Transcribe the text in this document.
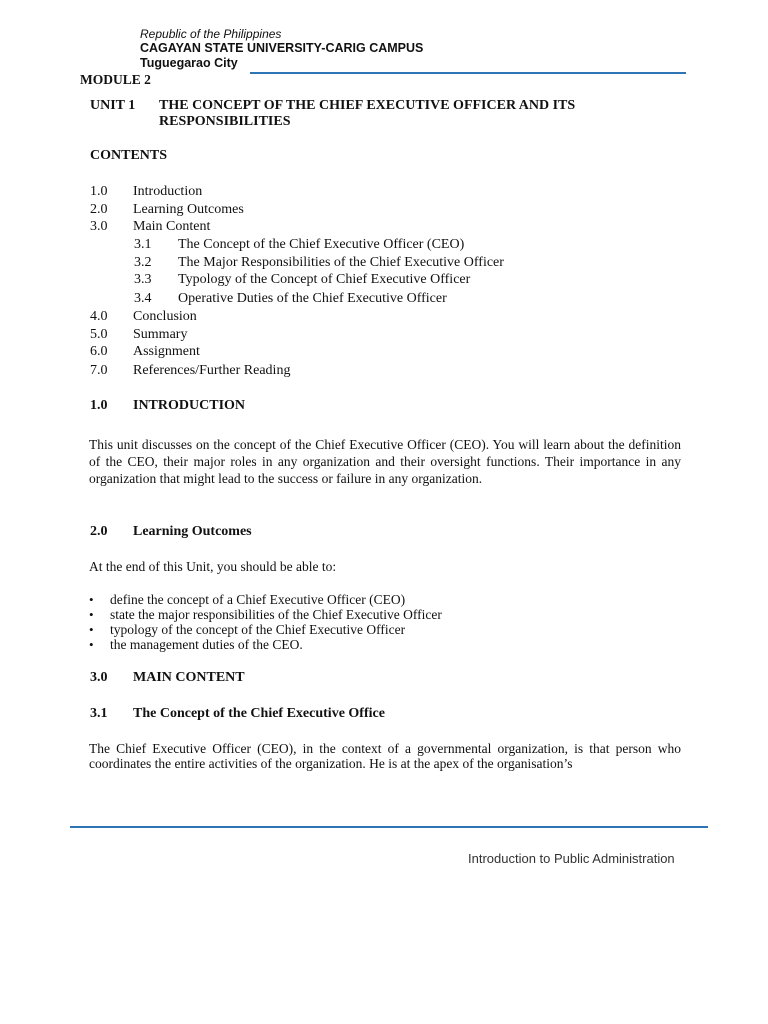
Republic of the Philippines
CAGAYAN STATE UNIVERSITY-CARIG CAMPUS
Tuguegarao City
MODULE 2
UNIT 1 THE CONCEPT OF THE CHIEF EXECUTIVE OFFICER AND ITS
RESPONSIBILITIES
CONTENTS
1.0 Introduction
2.0 Learning Outcomes
3.0 Main Content
3.1 The Concept of the Chief Executive Officer (CEO)
3.2 The Major Responsibilities of the Chief Executive Officer
3.3 Typology of the Concept of Chief Executive Officer
3.4 Operative Duties of the Chief Executive Officer
4.0 Conclusion
5.0 Summary
6.0 Assignment
7.0 References/Further Reading
1.0 INTRODUCTION
This unit discusses on the concept of the Chief Executive Officer (CEO). You will learn about the definition of the CEO, their major roles in any organization and their oversight functions. Their importance in any organization that might lead to the success or failure in any organization.
2.0 Learning Outcomes
At the end of this Unit, you should be able to:
• define the concept of a Chief Executive Officer (CEO)
• state the major responsibilities of the Chief Executive Officer
• typology of the concept of the Chief Executive Officer
• the management duties of the CEO.
3.0 MAIN CONTENT
3.1 The Concept of the Chief Executive Office
The Chief Executive Officer (CEO), in the context of a governmental organization, is that person who coordinates the entire activities of the organization. He is at the apex of the organisation’s
Introduction to Public Administration
